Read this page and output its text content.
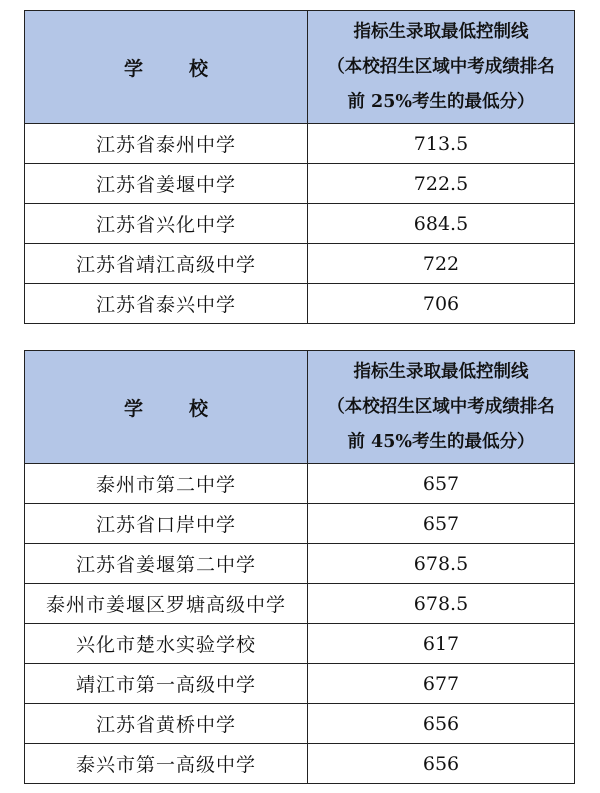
学 校	指标生录取最低控制线
（本校招生区域中考成绩排名
前 25%考生的最低分）

江苏省泰州中学	713.5
江苏省姜堰中学	722.5
江苏省兴化中学	684.5
江苏省靖江高级中学	722
江苏省泰兴中学	706
学 校	指标生录取最低控制线
（本校招生区域中考成绩排名
前 45%考生的最低分）

泰州市第二中学	657
江苏省口岸中学	657
江苏省姜堰第二中学	678.5
泰州市姜堰区罗塘高级中学	678.5
兴化市楚水实验学校	617
靖江市第一高级中学	677
江苏省黄桥中学	656
泰兴市第一高级中学	656
